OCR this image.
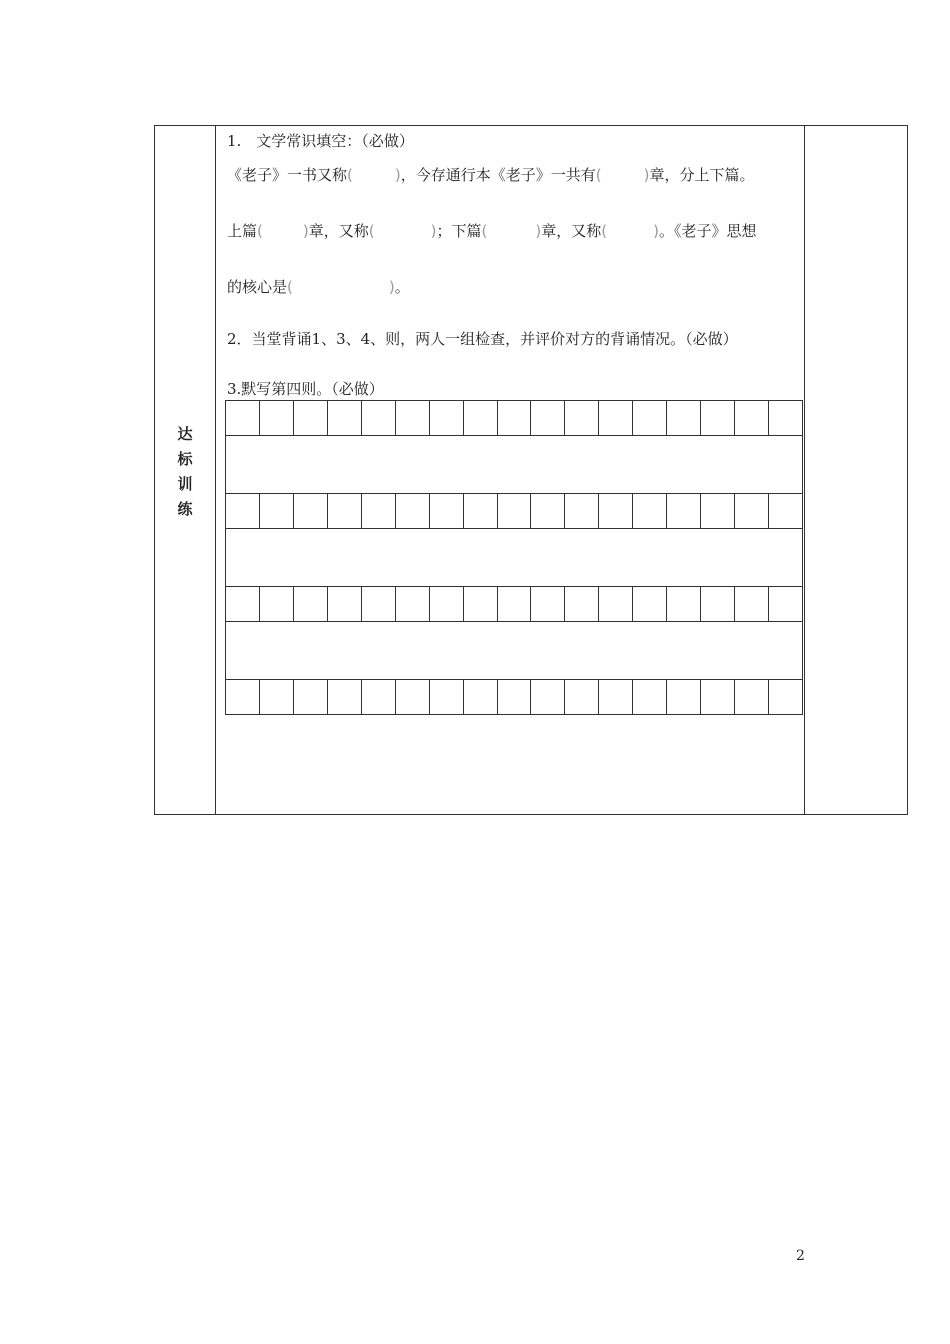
达
标
训
练
1.　文学常识填空：（必做）
《老子》一书又称(	)，今存通行本《老子》一共有(	)章，分上下篇。
上篇(	)章，又称(	)；下篇(	)章，又称(	)。《老子》思想
的核心是(	)。
2．当堂背诵1、3、4、则，两人一组检查，并评价对方的背诵情况。（必做）
3.默写第四则。（必做）
2
